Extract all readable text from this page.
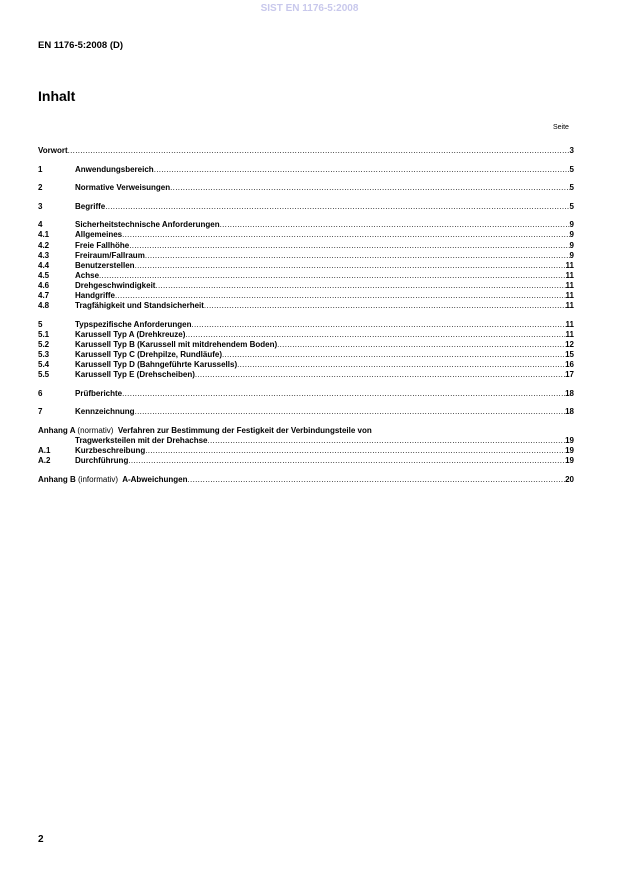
SIST EN 1176-5:2008
EN 1176-5:2008 (D)
Inhalt
Seite
Vorwort .....	3
1	Anwendungsbereich .....	5
2	Normative Verweisungen .....	5
3	Begriffe .....	5
4	Sicherheitstechnische Anforderungen .....	9
4.1	Allgemeines .....	9
4.2	Freie Fallhöhe .....	9
4.3	Freiraum/Fallraum .....	9
4.4	Benutzerstellen .....	11
4.5	Achse .....	11
4.6	Drehgeschwindigkeit .....	11
4.7	Handgriffe .....	11
4.8	Tragfähigkeit und Standsicherheit .....	11
5	Typspezifische Anforderungen .....	11
5.1	Karussell Typ A (Drehkreuze) .....	11
5.2	Karussell Typ B (Karussell mit mitdrehendem Boden) .....	12
5.3	Karussell Typ C (Drehpilze, Rundläufe) .....	15
5.4	Karussell Typ D (Bahngeführte Karussells) .....	16
5.5	Karussell Typ E (Drehscheiben) .....	17
6	Prüfberichte .....	18
7	Kennzeichnung .....	18
Anhang A (normativ) Verfahren zur Bestimmung der Festigkeit der Verbindungsteile von
Tragwerksteilen mit der Drehachse .....	19
A.1	Kurzbeschreibung .....	19
A.2	Durchführung .....	19
Anhang B (informativ) A-Abweichungen .....	20
2
